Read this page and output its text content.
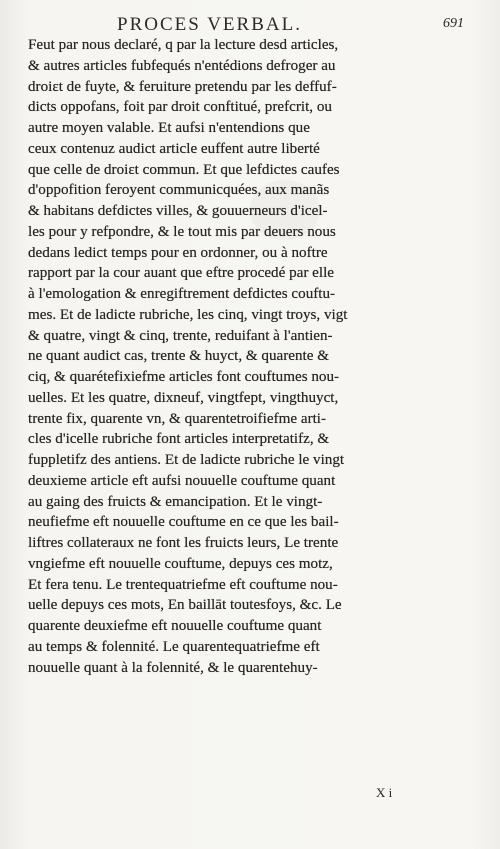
PROCES VERBAL.	691
Feut par nous declaré, q par la lecture desd articles,
& autres articles fubfequés n'entédions defroger au
droiɛt de fuyte, & feruiture pretendu par les deffuf-
dicts oppofans, foit par droit conftitué, prefcrit, ou
autre moyen valable. Et aufsi n'entendions que
ceux contenuz audict article euffent autre liberté
que celle de droiɛt commun. Et que lefdictes caufes
d'oppofition feroyent communicquées, aux manãs
& habitans defdictes villes, & gouuerneurs d'icel-
les pour y refpondre, & le tout mis par deuers nous
dedans ledict temps pour en ordonner, ou à noftre
rapport par la cour auant que eftre procedé par elle
à l'emologation & enregiftrement defdictes couftu-
mes. Et de ladicte rubriche, les cinq, vingt troys, vigt
& quatre, vingt & cinq, trente, reduifant à l'antien-
ne quant audict cas, trente & huyct, & quarente &
ciq, & quarétefixiefme articles font couftumes nou-
uelles. Et les quatre, dixneuf, vingtfept, vingthuyct,
trente fix, quarente vn, & quarentetroifiefme arti-
cles d'icelle rubriche font articles interpretatifz, &
fuppletifz des antiens. Et de ladicte rubriche le vingt
deuxieme article eft aufsi nouuelle couftume quant
au gaing des fruicts & emancipation. Et le vingt-
neufiefme eft nouuelle couftume en ce que les bail-
liftres collateraux ne font les fruicts leurs, Le trente
vngiefme eft nouuelle couftume, depuys ces motz,
Et fera tenu. Le trentequatriefme eft couftume nou-
uelle depuys ces mots, En baillāt toutesfoys, &c. Le
quarente deuxiefme eft nouuelle couftume quant
au temps & folennité. Le quarentequatriefme eft
nouuelle quant à la folennité, & le quarentehuy-
X i
